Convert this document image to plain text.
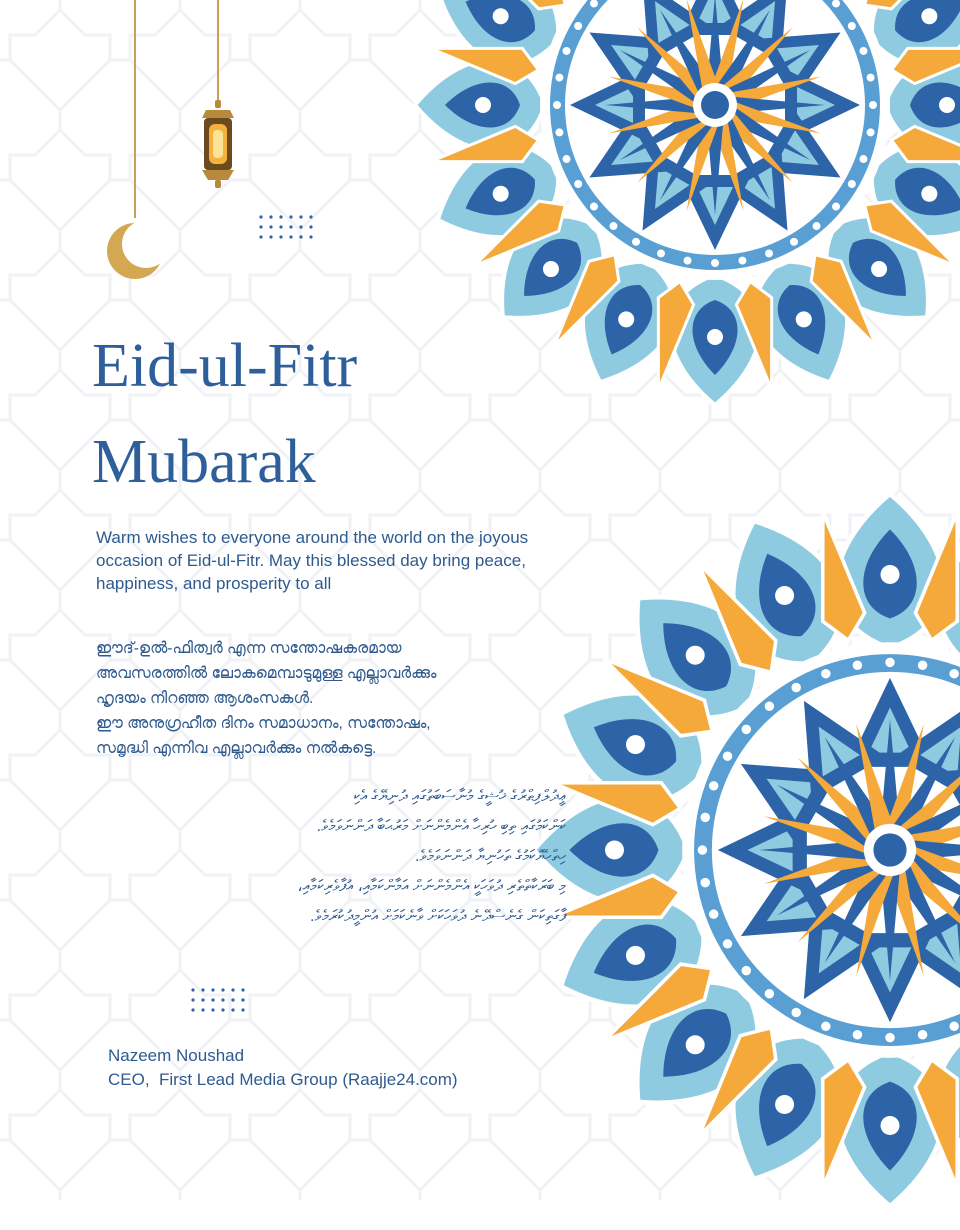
Eid-ul-Fitr
Mubarak
Warm wishes to everyone around the world on the joyous occasion of Eid-ul-Fitr. May this blessed day bring peace, happiness, and prosperity to all
ഈദ്-ഉൽ-ഫിത്വർ എന്ന സന്തോഷകരമായ
അവസരത്തിൽ ലോകമെമ്പാടുമുള്ള എല്ലാവർക്കും
ഹൃദയം നിറഞ്ഞ ആശംസകൾ.
ഈ അനുഗ്രഹീത ദിനം സമാധാനം, സന്തോഷം,
സമൃദ്ധി എന്നിവ എല്ലാവർക്കും നൽകട്ടെ.
ޢީދުލްފިޠްރުގެ ޚުޝީގެ މުނާސަބަތުގައި ދުނިޔޭގެ އެކި
ކަންކަމުގައި ތިބި ހުރިހާ އެންމެންނަށް މަރުޙަބާ ދަންނަވަމެވެ.
ހިތްހެޔޮކަމުގެ ތަހުނިޔާ ދަންނަވަމެވެ.
މި ބަރަކާތްތެރި ދުވަހަކީ އެންމެންނަށް އަމާންކަމާއި، އުފާވެރިކަމާއި،
ފާގަތިކަން ގެނެސްދޭނެ ދުވަހަކަށް ވާނެކަމަށް އުންމީދުކުރަމެވެ.
Nazeem Noushad
CEO,  First Lead Media Group (Raajje24.com)
